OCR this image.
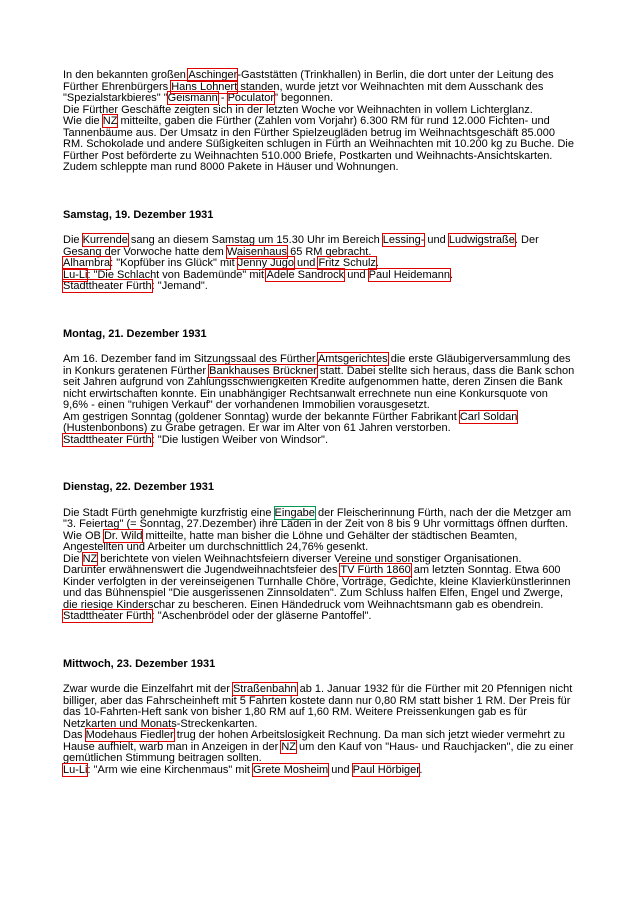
In den bekannten großen Aschinger-Gaststätten (Trinkhallen) in Berlin, die dort unter der Leitung des Fürther Ehrenbürgers Hans Lohnert standen, wurde jetzt vor Weihnachten mit dem Ausschank des "Spezialstarkbieres" "Geismann - Poculator" begonnen.
Die Fürther Geschäfte zeigten sich in der letzten Woche vor Weihnachten in vollem Lichterglanz.
Wie die NZ mitteilte, gaben die Fürther (Zahlen vom Vorjahr) 6.300 RM für rund 12.000 Fichten- und Tannenbäume aus. Der Umsatz in den Fürther Spielzeugläden betrug im Weihnachtsgeschäft 85.000 RM. Schokolade und andere Süßigkeiten schlugen in Fürth an Weihnachten mit 10.200 kg zu Buche. Die Fürther Post beförderte zu Weihnachten 510.000 Briefe, Postkarten und Weihnachts-Ansichtskarten. Zudem schleppte man rund 8000 Pakete in Häuser und Wohnungen.

Samstag, 19. Dezember 1931

Die Kurrende sang an diesem Samstag um 15.30 Uhr im Bereich Lessing- und Ludwigstraße. Der Gesang der Vorwoche hatte dem Waisenhaus 65 RM gebracht.
Alhambra: "Kopfüber ins Glück" mit Jenny Jugo und Fritz Schulz.
Lu-Li: "Die Schlacht von Bademünde" mit Adele Sandrock und Paul Heidemann.
Stadttheater Fürth: "Jemand".

Montag, 21. Dezember 1931

Am 16. Dezember fand im Sitzungssaal des Fürther Amtsgerichtes die erste Gläubigerversammlung des in Konkurs geratenen Fürther Bankhauses Brückner statt. Dabei stellte sich heraus, dass die Bank schon seit Jahren aufgrund von Zahlungsschwierigkeiten Kredite aufgenommen hatte, deren Zinsen die Bank nicht erwirtschaften konnte. Ein unabhängiger Rechtsanwalt errechnete nun eine Konkursquote von 9,6% - einen "ruhigen Verkauf" der vorhandenen Immobilien vorausgesetzt.
Am gestrigen Sonntag (goldener Sonntag) wurde der bekannte Fürther Fabrikant Carl Soldan (Hustenbonbons) zu Grabe getragen. Er war im Alter von 61 Jahren verstorben.
Stadttheater Fürth: "Die lustigen Weiber von Windsor".

Dienstag, 22. Dezember 1931

Die Stadt Fürth genehmigte kurzfristig eine Eingabe der Fleischerinnung Fürth, nach der die Metzger am "3. Feiertag" (= Sonntag, 27.Dezember) ihre Läden in der Zeit von 8 bis 9 Uhr vormittags öffnen durften.
Wie OB Dr. Wild mitteilte, hatte man bisher die Löhne und Gehälter der städtischen Beamten, Angestellten und Arbeiter um durchschnittlich 24,76% gesenkt.
Die NZ berichtete von vielen Weihnachtsfeiern diverser Vereine und sonstiger Organisationen.
Darunter erwähnenswert die Jugendweihnachtsfeier des TV Fürth 1860 am letzten Sonntag. Etwa 600 Kinder verfolgten in der vereinseigenen Turnhalle Chöre, Vorträge, Gedichte, kleine Klavierkünstlerinnen und das Bühnenspiel "Die ausgerissenen Zinnsoldaten". Zum Schluss halfen Elfen, Engel und Zwerge, die riesige Kinderschar zu bescheren. Einen Händedruck vom Weihnachtsmann gab es obendrein.
Stadttheater Fürth: "Aschenbrödel oder der gläserne Pantoffel".

Mittwoch, 23. Dezember 1931

Zwar wurde die Einzelfahrt mit der Straßenbahn ab 1. Januar 1932 für die Fürther mit 20 Pfennigen nicht billiger, aber das Fahrscheinheft mit 5 Fahrten kostete dann nur 0,80 RM statt bisher 1 RM. Der Preis für das 10-Fahrten-Heft sank von bisher 1,80 RM auf 1,60 RM. Weitere Preissenkungen gab es für Netzkarten und Monats-Streckenkarten.
Das Modehaus Fiedler trug der hohen Arbeitslosigkeit Rechnung. Da man sich jetzt wieder vermehrt zu Hause aufhielt, warb man in Anzeigen in der NZ um den Kauf von "Haus- und Rauchjacken", die zu einer gemütlichen Stimmung beitragen sollten.
Lu-Li: "Arm wie eine Kirchenmaus" mit Grete Mosheim und Paul Hörbiger.
